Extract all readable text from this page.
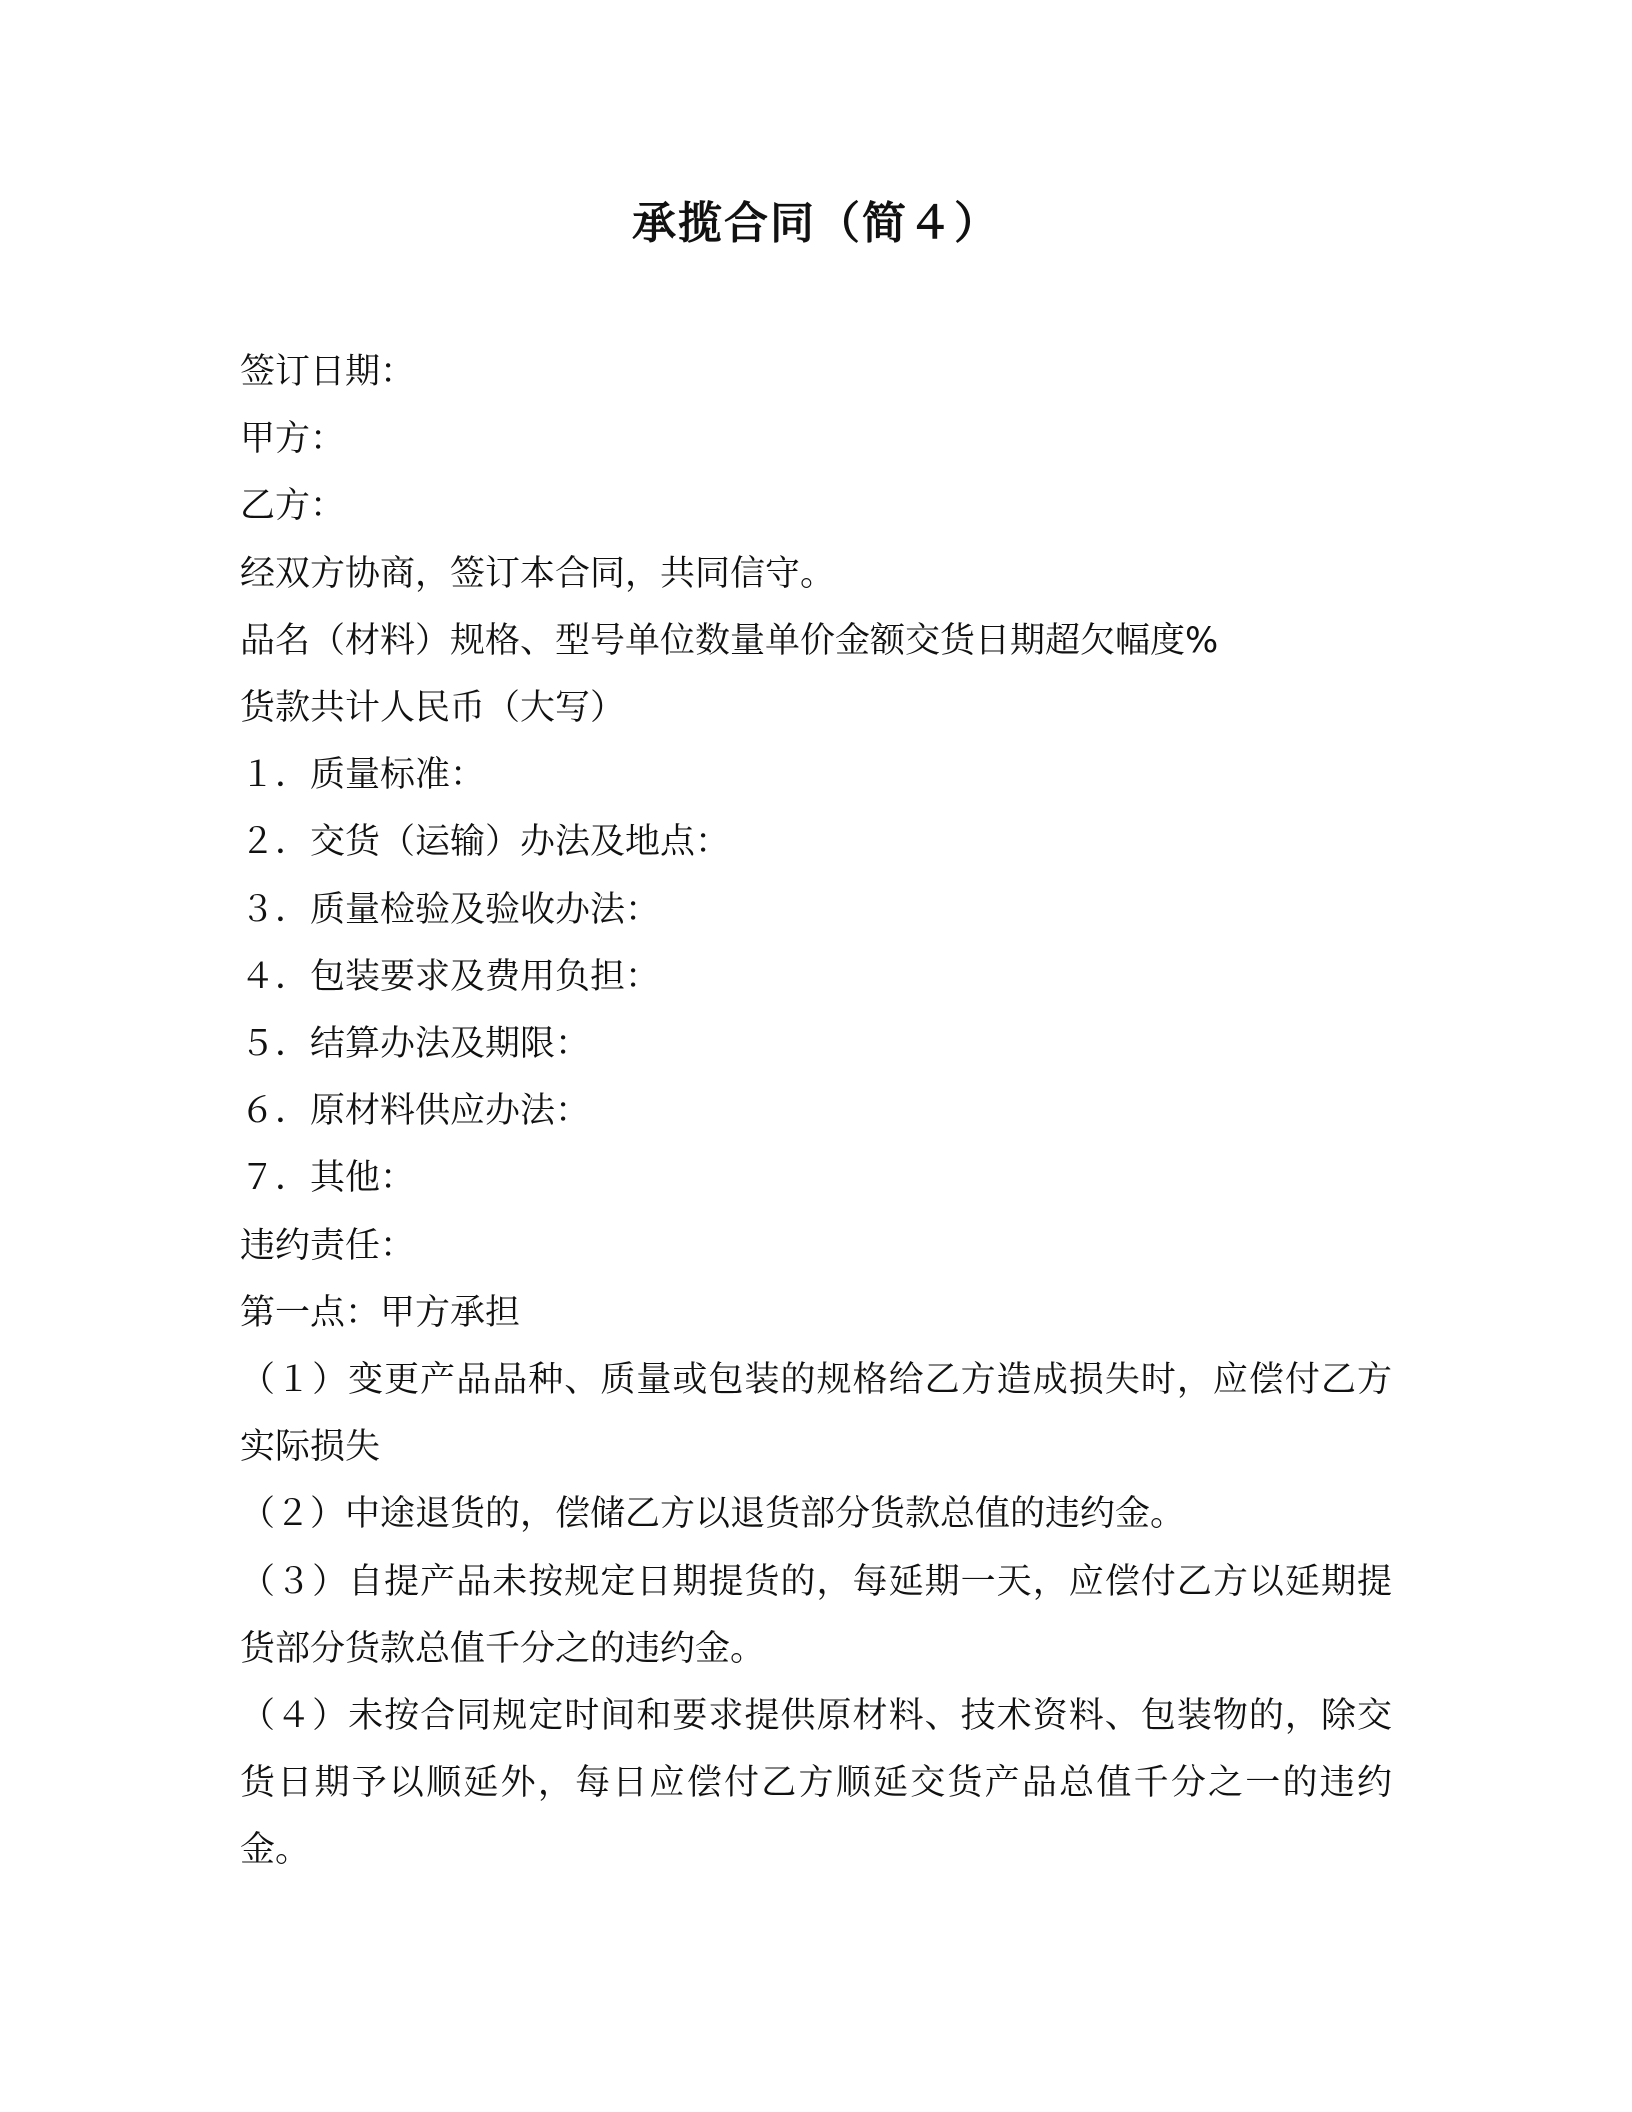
承揽合同（简４）

签订日期：

甲方：

乙方：

经双方协商，签订本合同，共同信守。

品名（材料）规格、型号单位数量单价金额交货日期超欠幅度%

货款共计人民币（大写）

１．质量标准：

２．交货（运输）办法及地点：

３．质量检验及验收办法：

４．包装要求及费用负担：

５．结算办法及期限：

６．原材料供应办法：

７．其他：

违约责任：

第一点：甲方承担

（１）变更产品品种、质量或包装的规格给乙方造成损失时，应偿付乙方实际损失

（２）中途退货的，偿储乙方以退货部分货款总值的违约金。

（３）自提产品未按规定日期提货的，每延期一天，应偿付乙方以延期提货部分货款总值千分之的违约金。

（４）未按合同规定时间和要求提供原材料、技术资料、包装物的，除交货日期予以顺延外，每日应偿付乙方顺延交货产品总值千分之一的违约金。
